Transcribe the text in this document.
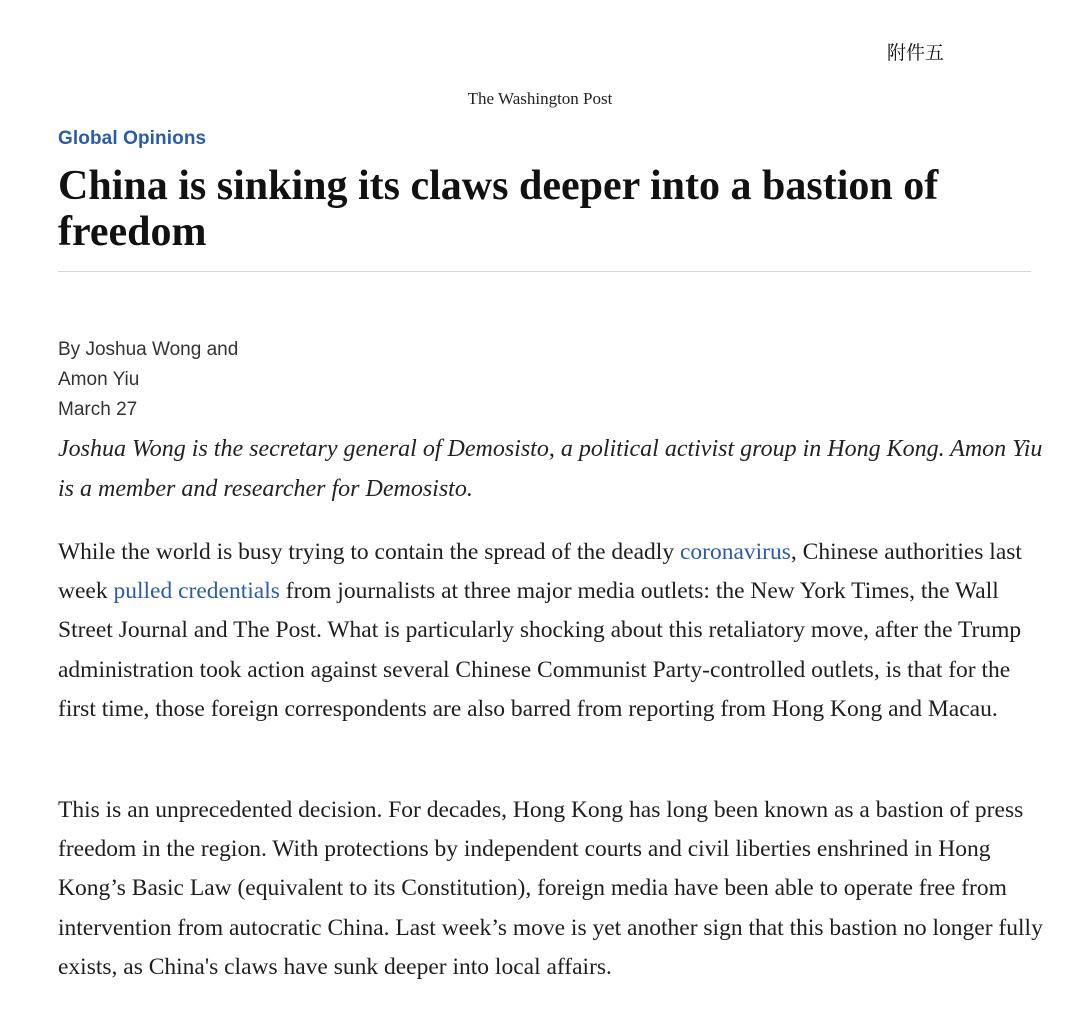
附件五
The Washington Post
Global Opinions
China is sinking its claws deeper into a bastion of freedom
By Joshua Wong and
Amon Yiu
March 27

Joshua Wong is the secretary general of Demosisto, a political activist group in Hong Kong. Amon Yiu is a member and researcher for Demosisto.

While the world is busy trying to contain the spread of the deadly coronavirus, Chinese authorities last week pulled credentials from journalists at three major media outlets: the New York Times, the Wall Street Journal and The Post. What is particularly shocking about this retaliatory move, after the Trump administration took action against several Chinese Communist Party-controlled outlets, is that for the first time, those foreign correspondents are also barred from reporting from Hong Kong and Macau.

This is an unprecedented decision. For decades, Hong Kong has long been known as a bastion of press freedom in the region. With protections by independent courts and civil liberties enshrined in Hong Kong’s Basic Law (equivalent to its Constitution), foreign media have been able to operate free from intervention from autocratic China. Last week’s move is yet another sign that this bastion no longer fully exists, as China's claws have sunk deeper into local affairs.
